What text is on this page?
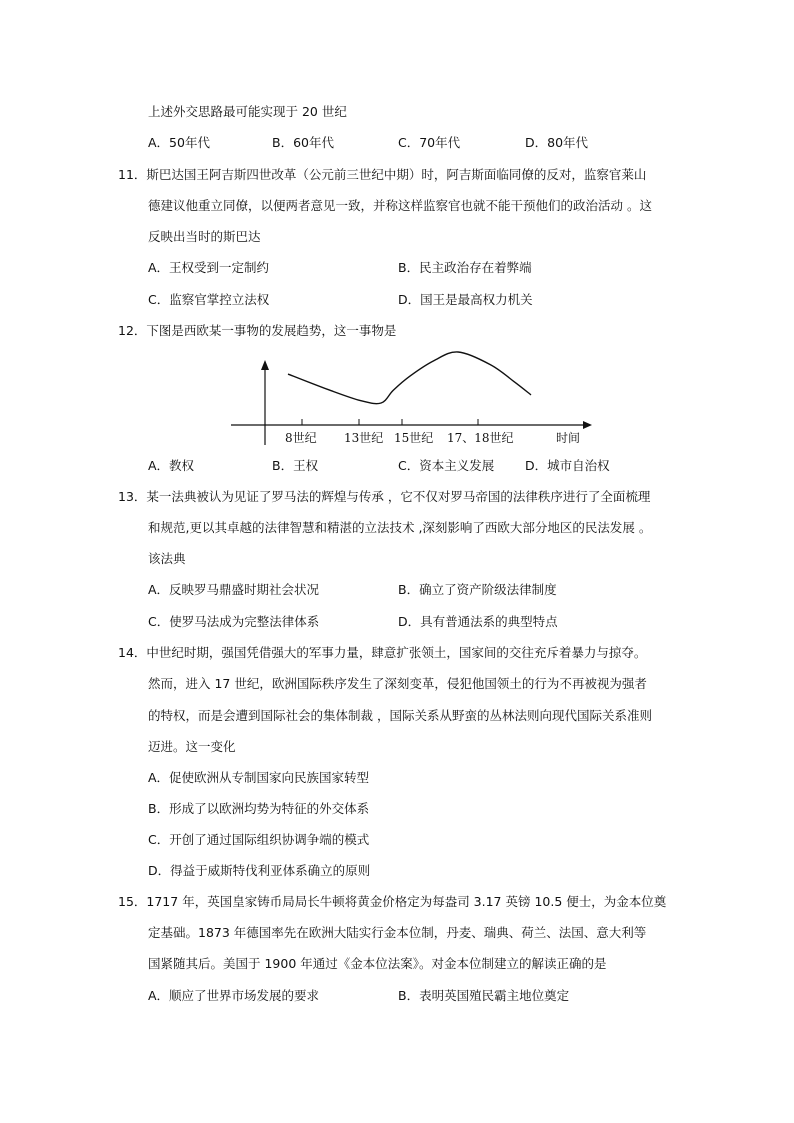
上述外交思路最可能实现于 20 世纪
A．50年代	B．60年代	C．70年代	D．80年代
11．斯巴达国王阿吉斯四世改革（公元前三世纪中期）时，阿吉斯面临同僚的反对，监察官莱山
德建议他重立同僚，以便两者意见一致，并称这样监察官也就不能干预他们的政治活动 。这
反映出当时的斯巴达
A．王权受到一定制约	B．民主政治存在着弊端
C．监察官掌控立法权	D．国王是最高权力机关
12．下图是西欧某一事物的发展趋势，这一事物是
8世纪 13世纪 15世纪 17、18世纪	时间
A．教权	B．王权	C．资本主义发展 D．城市自治权
13．某一法典被认为见证了罗马法的辉煌与传承 ，它不仅对罗马帝国的法律秩序进行了全面梳理
和规范,更以其卓越的法律智慧和精湛的立法技术 ,深刻影响了西欧大部分地区的民法发展 。
该法典
A．反映罗马鼎盛时期社会状况	B．确立了资产阶级法律制度
C．使罗马法成为完整法律体系	D．具有普通法系的典型特点
14．中世纪时期，强国凭借强大的军事力量，肆意扩张领土，国家间的交往充斥着暴力与掠夺。
然而，进入 17 世纪，欧洲国际秩序发生了深刻变革，侵犯他国领土的行为不再被视为强者
的特权，而是会遭到国际社会的集体制裁 ，国际关系从野蛮的丛林法则向现代国际关系准则
迈进。这一变化
A．促使欧洲从专制国家向民族国家转型
B．形成了以欧洲均势为特征的外交体系
C．开创了通过国际组织协调争端的模式
D．得益于威斯特伐利亚体系确立的原则
15．1717 年，英国皇家铸币局局长牛顿将黄金价格定为每盎司 3.17 英镑 10.5 便士，为金本位奠
定基础。1873 年德国率先在欧洲大陆实行金本位制，丹麦、瑞典、荷兰、法国、意大利等
国紧随其后。美国于 1900 年通过《金本位法案》。对金本位制建立的解读正确的是
A．顺应了世界市场发展的要求	B．表明英国殖民霸主地位奠定
